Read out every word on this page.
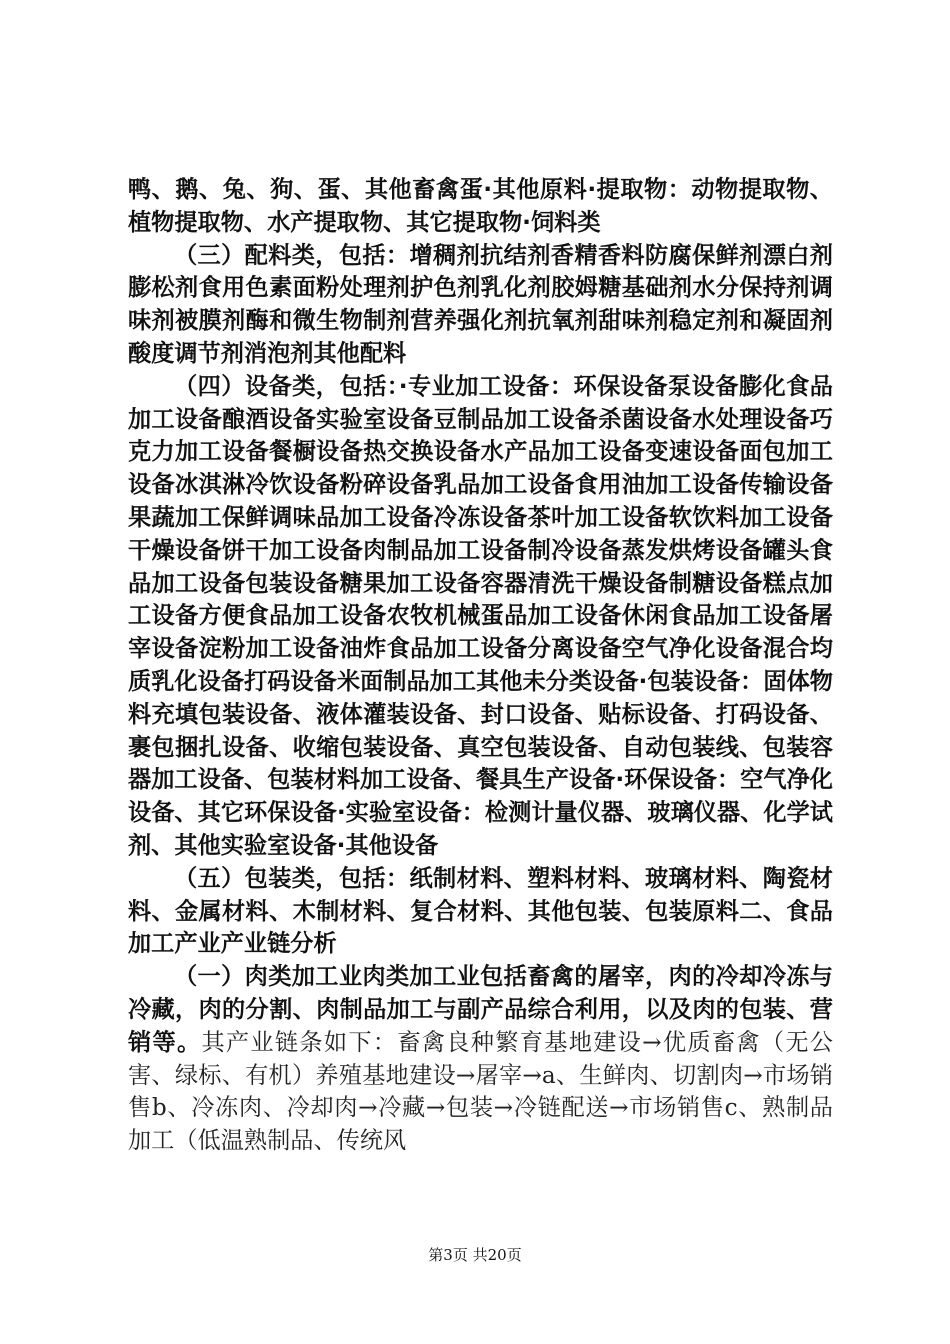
鸭、鹅、兔、狗、蛋、其他畜禽蛋·其他原料·提取物：动物提取物、植物提取物、水产提取物、其它提取物·饲料类

（三）配料类，包括：增稠剂抗结剂香精香料防腐保鲜剂漂白剂膨松剂食用色素面粉处理剂护色剂乳化剂胶姆糖基础剂水分保持剂调味剂被膜剂酶和微生物制剂营养强化剂抗氧剂甜味剂稳定剂和凝固剂酸度调节剂消泡剂其他配料

（四）设备类，包括：·专业加工设备：环保设备泵设备膨化食品加工设备酿酒设备实验室设备豆制品加工设备杀菌设备水处理设备巧克力加工设备餐橱设备热交换设备水产品加工设备变速设备面包加工设备冰淇淋冷饮设备粉碎设备乳品加工设备食用油加工设备传输设备果蔬加工保鲜调味品加工设备冷冻设备茶叶加工设备软饮料加工设备干燥设备饼干加工设备肉制品加工设备制冷设备蒸发烘烤设备罐头食品加工设备包装设备糖果加工设备容器清洗干燥设备制糖设备糕点加工设备方便食品加工设备农牧机械蛋品加工设备休闲食品加工设备屠宰设备淀粉加工设备油炸食品加工设备分离设备空气净化设备混合均质乳化设备打码设备米面制品加工其他未分类设备·包装设备：固体物料充填包装设备、液体灌装设备、封口设备、贴标设备、打码设备、裹包捆扎设备、收缩包装设备、真空包装设备、自动包装线、包装容器加工设备、包装材料加工设备、餐具生产设备·环保设备：空气净化设备、其它环保设备·实验室设备：检测计量仪器、玻璃仪器、化学试剂、其他实验室设备·其他设备

（五）包装类，包括：纸制材料、塑料材料、玻璃材料、陶瓷材料、金属材料、木制材料、复合材料、其他包装、包装原料二、食品加工产业产业链分析

（一）肉类加工业肉类加工业包括畜禽的屠宰，肉的冷却冷冻与冷藏，肉的分割、肉制品加工与副产品综合利用，以及肉的包装、营销等。其产业链条如下：畜禽良种繁育基地建设→优质畜禽（无公害、绿标、有机）养殖基地建设→屠宰→a、生鲜肉、切割肉→市场销售b、冷冻肉、冷却肉→冷藏→包装→冷链配送→市场销售c、熟制品加工（低温熟制品、传统风

第3页 共20页
